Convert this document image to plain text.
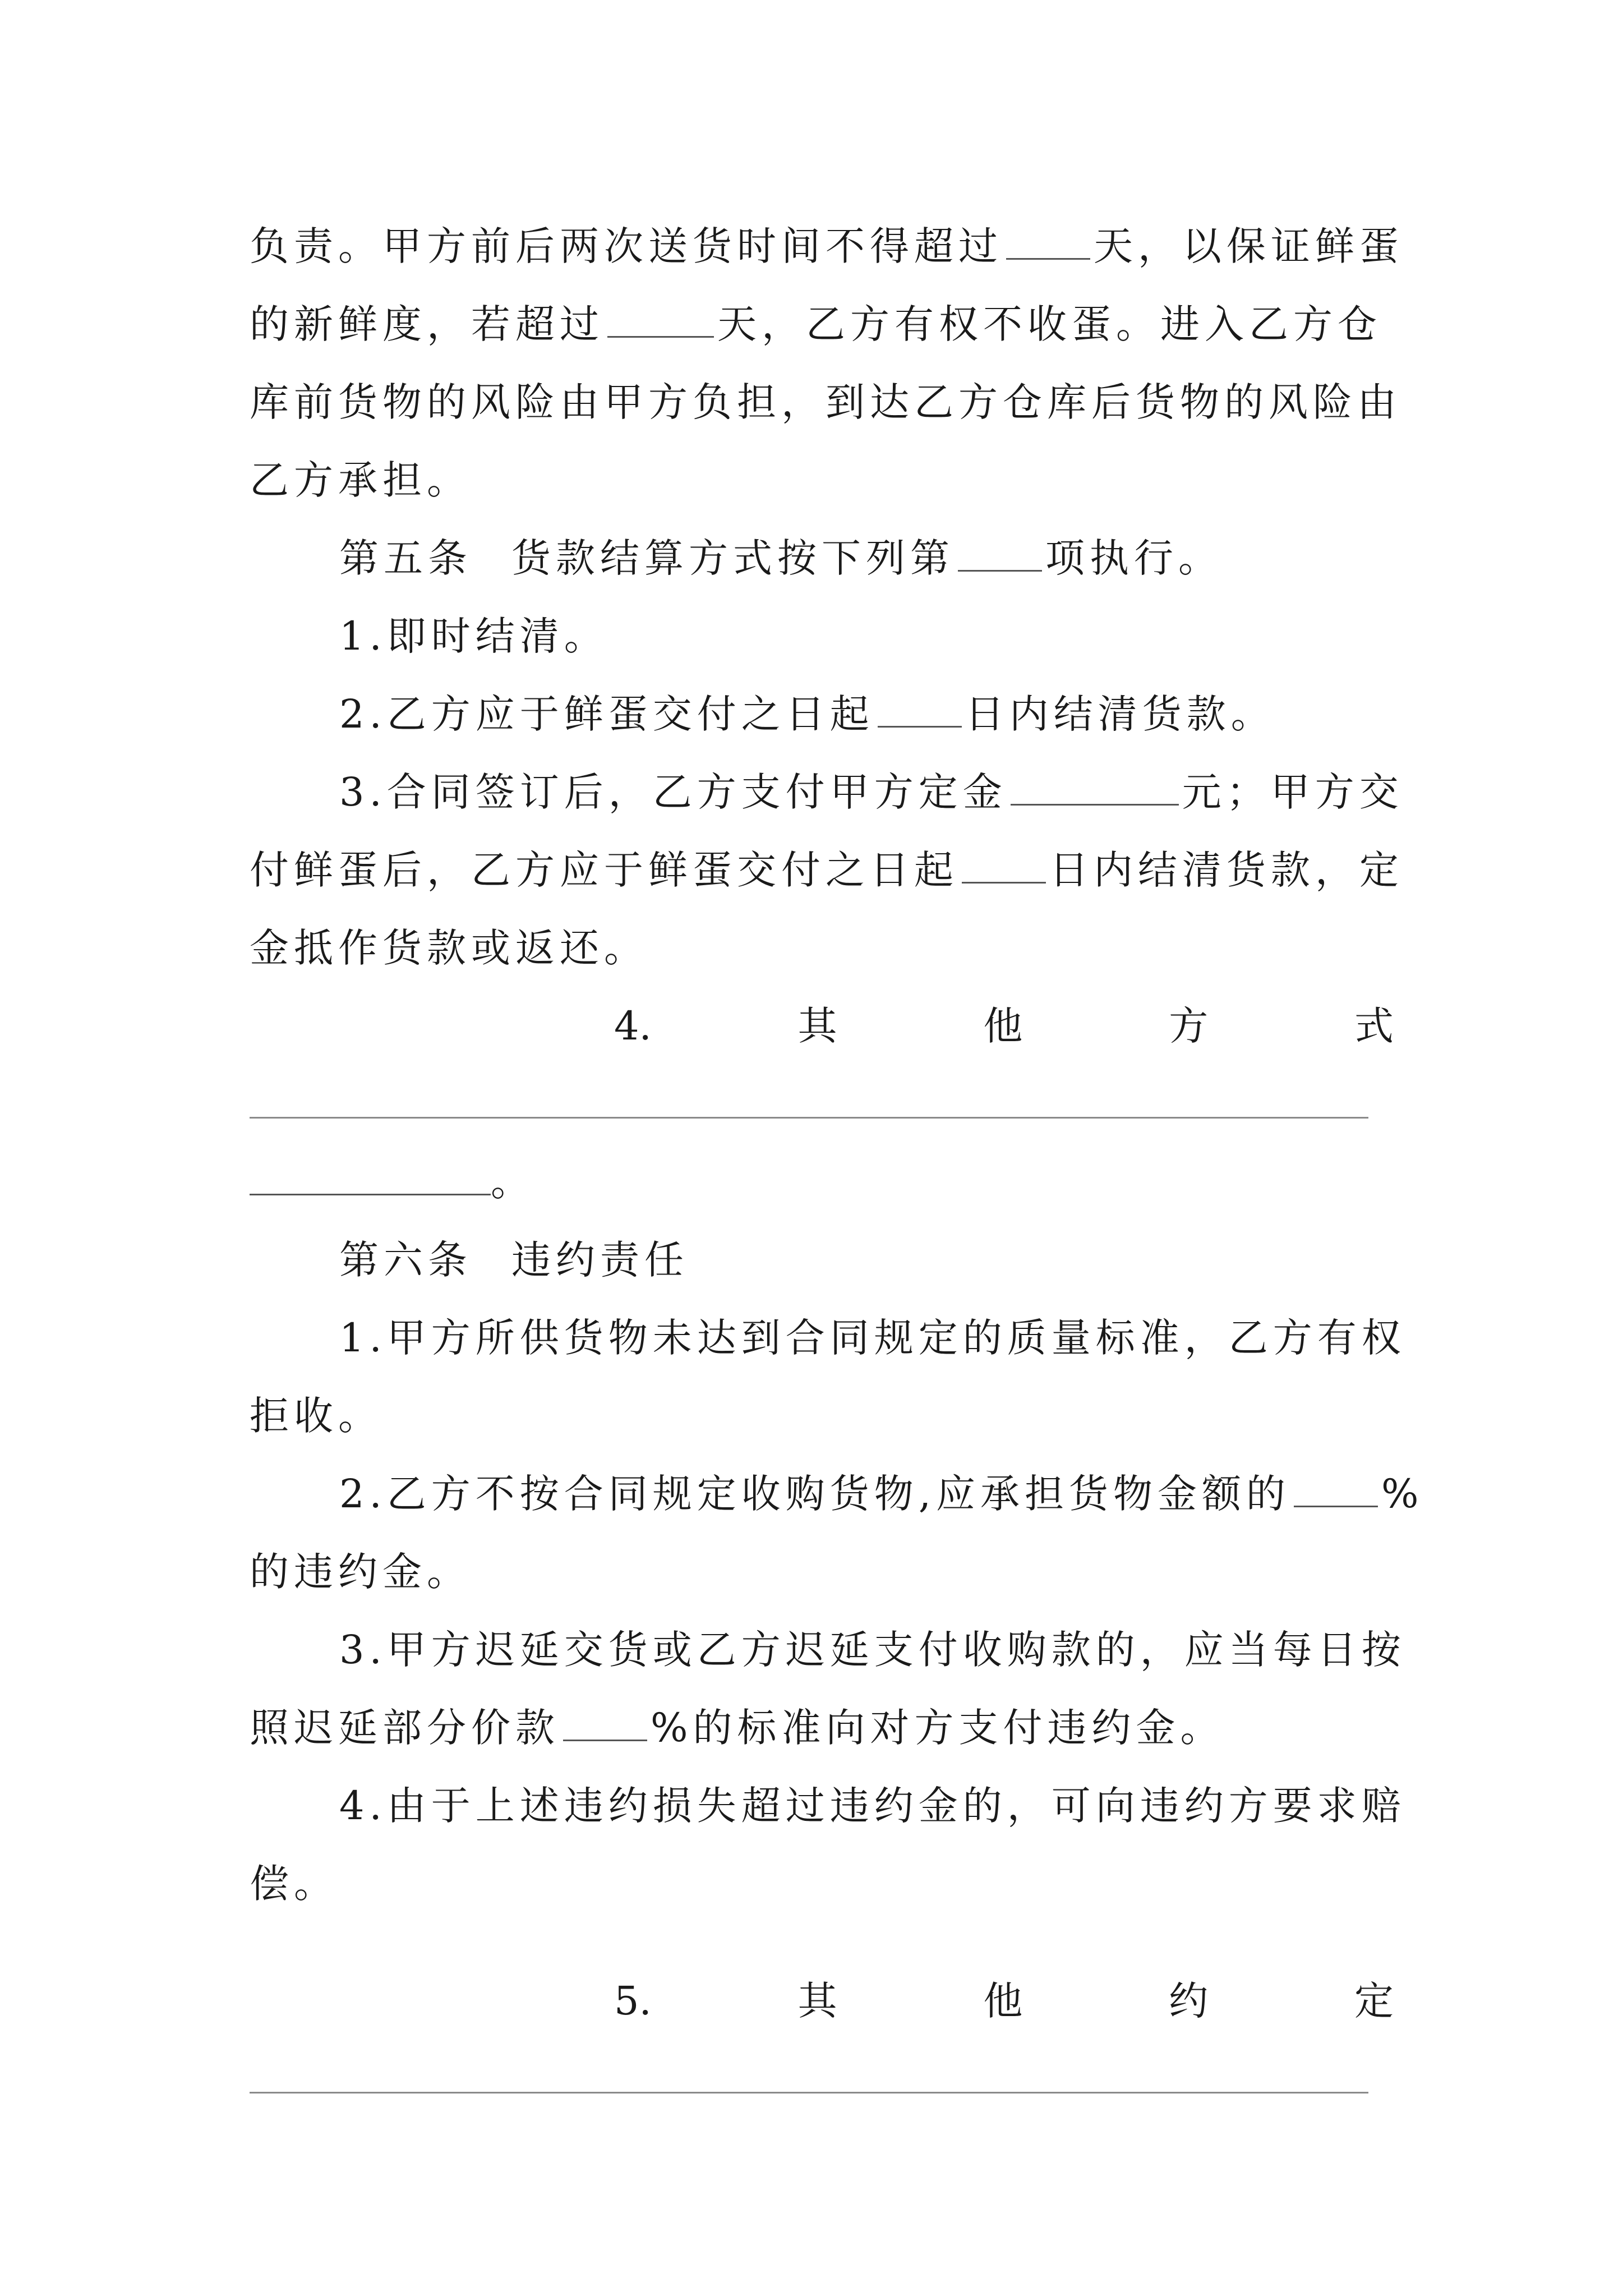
负责。甲方前后两次送货时间不得超过 天，以保证鲜蛋
的新鲜度，若超过	天，乙方有权不收蛋。进入乙方仓
库前货物的风险由甲方负担，到达乙方仓库后货物的风险由
乙方承担。
第五条 货款结算方式按下列第 项执行。
1.即时结清。
2.乙方应于鲜蛋交付之日起 日内结清货款。
3.合同签订后，乙方支付甲方定金	元；甲方交
付鲜蛋后，乙方应于鲜蛋交付之日起 日内结清货款，定
金抵作货款或返还。
4.	其	他	方	式
。
第六条 违约责任
1.甲方所供货物未达到合同规定的质量标准，乙方有权
拒收。
2.乙方不按合同规定收购货物,应承担货物金额的 %
的违约金。
3.甲方迟延交货或乙方迟延支付收购款的，应当每日按
照迟延部分价款 %的标准向对方支付违约金。
4.由于上述违约损失超过违约金的，可向违约方要求赔
偿。
5.	其	他	约	定
